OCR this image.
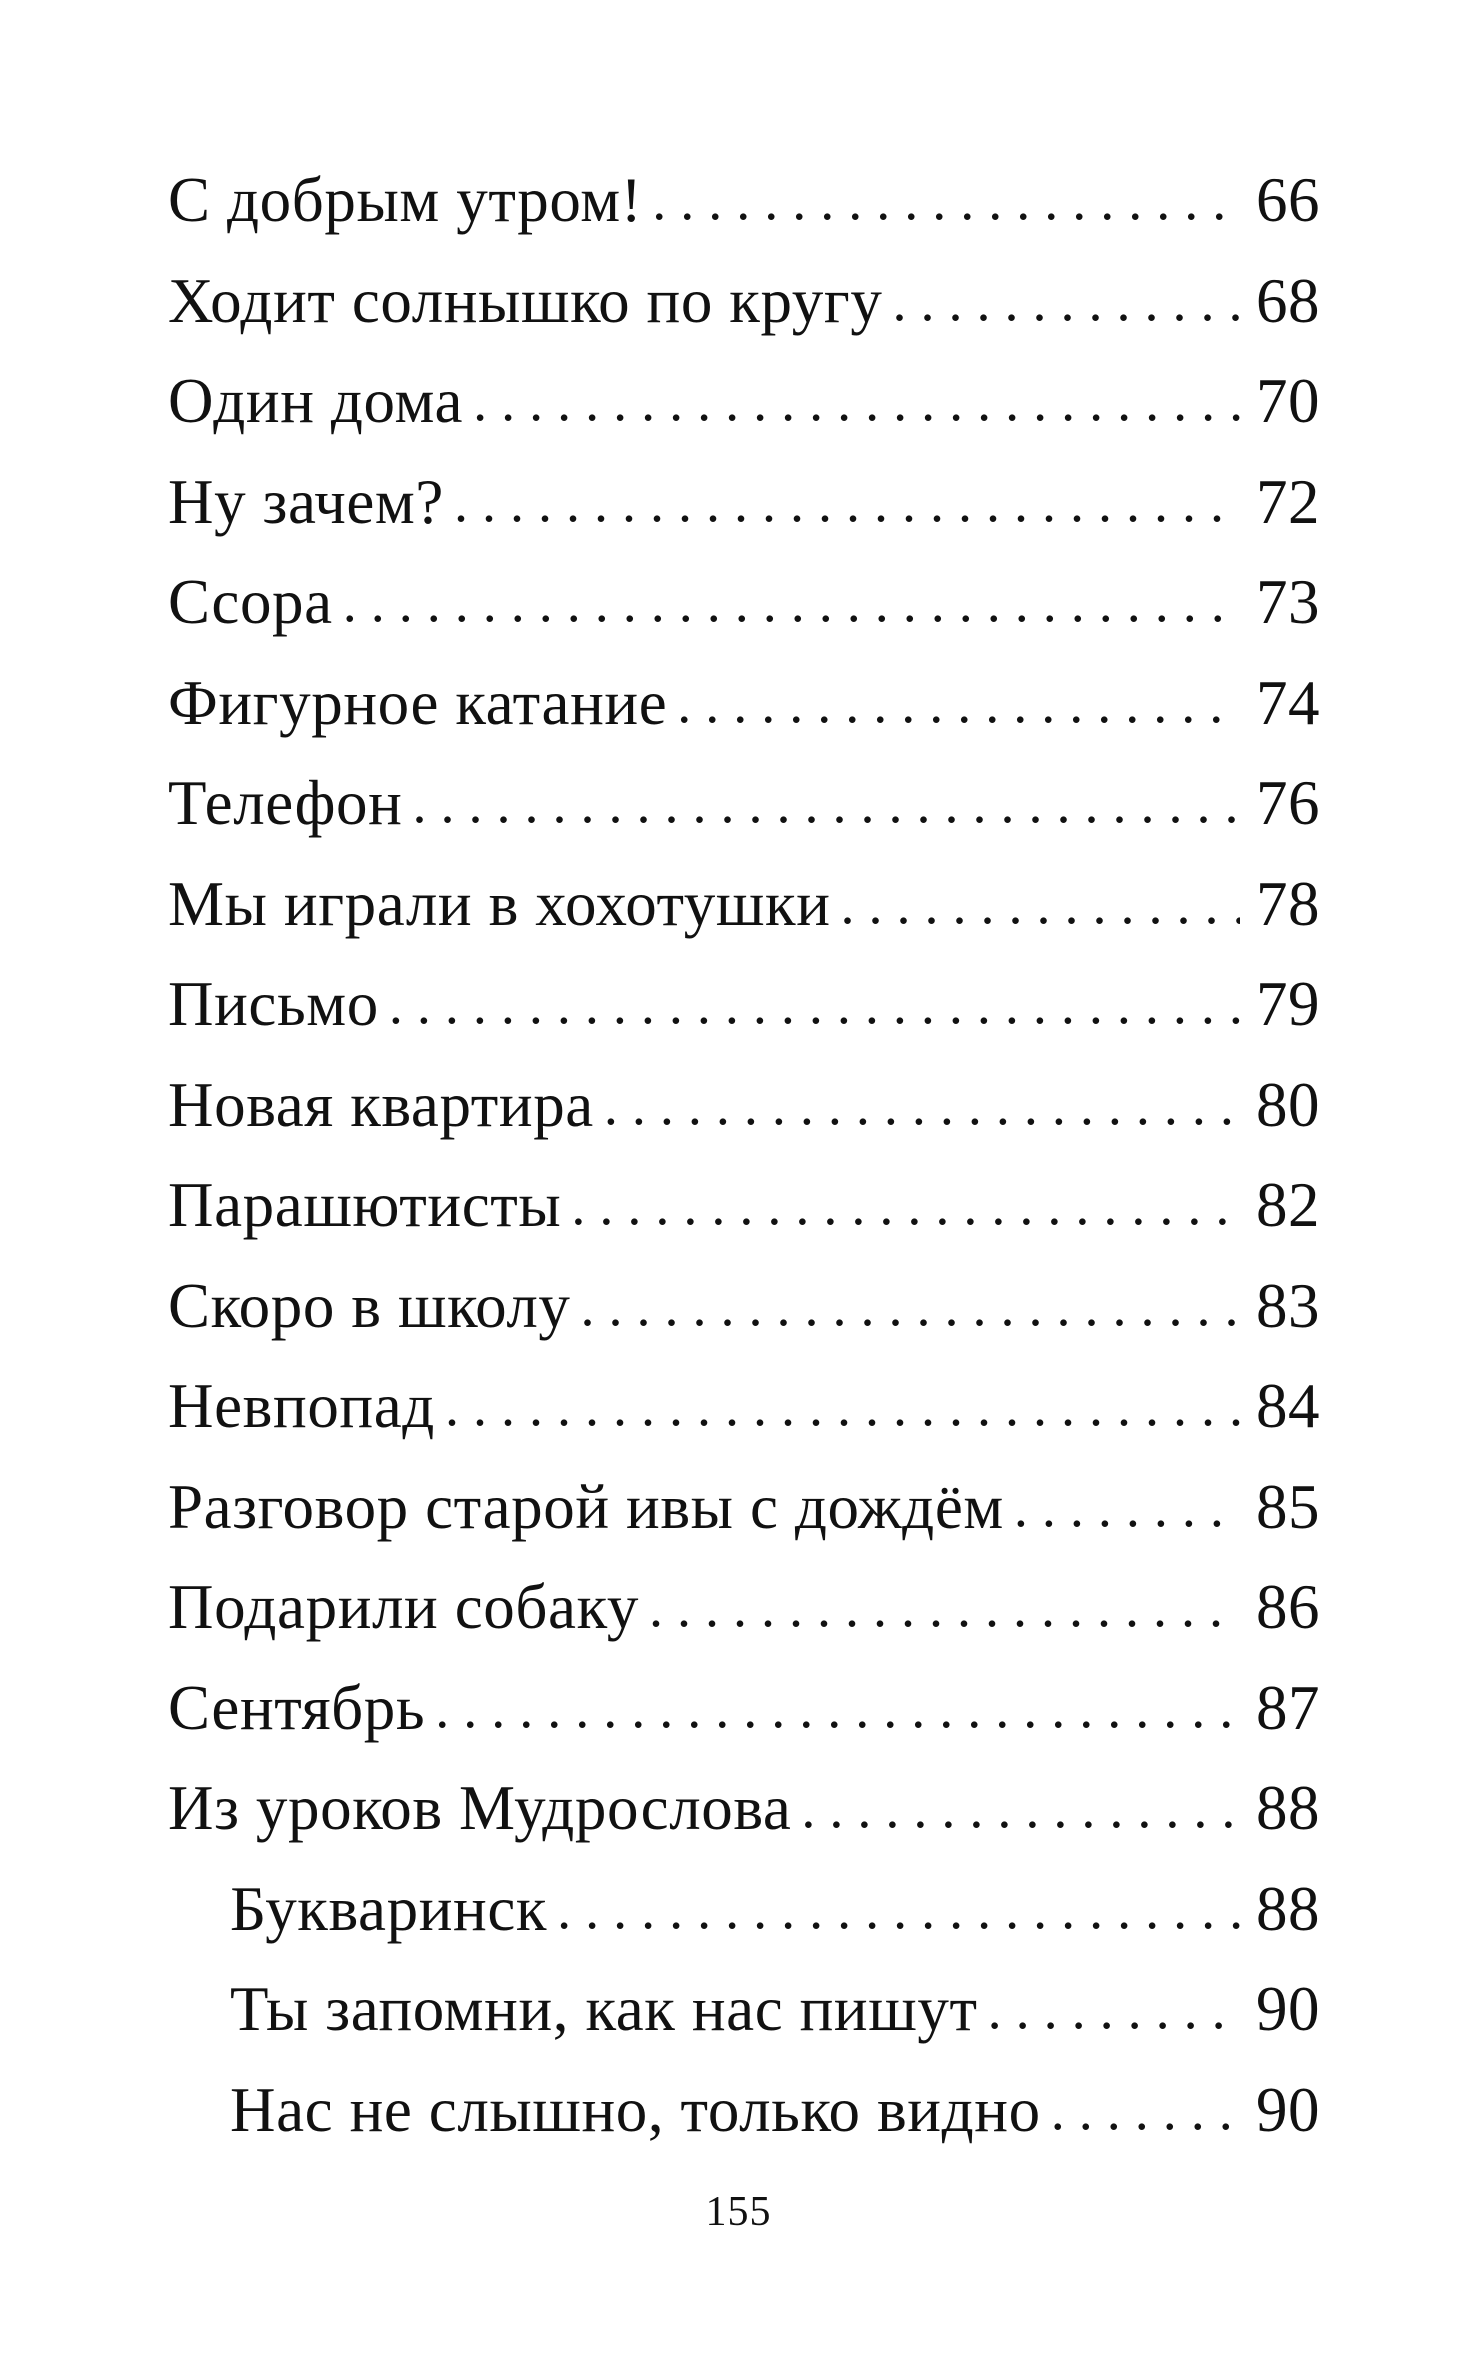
С добрым утром! . . .	66
Ходит солнышко по кругу . . .	68
Один дома . . .	70
Ну зачем? . . .	72
Ссора . . .	73
Фигурное катание . . .	74
Телефон . . .	76
Мы играли в хохотушки . . .	78
Письмо . . .	79
Новая квартира . . .	80
Парашютисты . . .	82
Скоро в школу . . .	83
Невпопад . . .	84
Разговор старой ивы с дождём . . .	85
Подарили собаку . . .	86
Сентябрь . . .	87
Из уроков Мудрослова . . .	88
Букваринск . . .	88
Ты запомни, как нас пишут . . .	90
Нас не слышно, только видно . . .	90
155
